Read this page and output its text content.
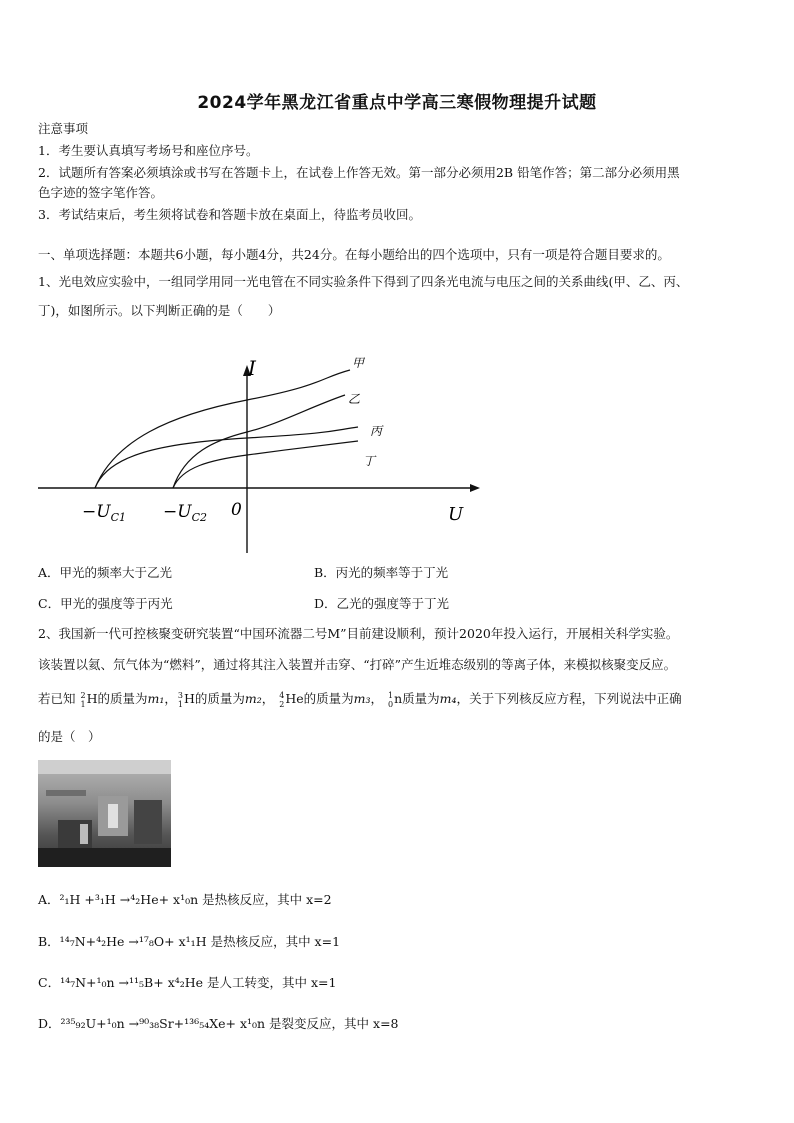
2024学年黑龙江省重点中学高三寒假物理提升试题
注意事项
1．考生要认真填写考场号和座位序号。
2．试题所有答案必须填涂或书写在答题卡上，在试卷上作答无效。第一部分必须用2B 铅笔作答；第二部分必须用黑
色字迹的签字笔作答。
3．考试结束后，考生须将试卷和答题卡放在桌面上，待监考员收回。
一、单项选择题：本题共6小题，每小题4分，共24分。在每小题给出的四个选项中，只有一项是符合题目要求的。
1、光电效应实验中，一组同学用同一光电管在不同实验条件下得到了四条光电流与电压之间的关系曲线(甲、乙、丙、
丁)，如图所示。以下判断正确的是（　　）
I
U
0
$-U_{C1} -U_{C2}$
甲
乙
丙
丁
A．甲光的频率大于乙光	B．丙光的频率等于丁光
C．甲光的强度等于丙光	D．乙光的强度等于丁光
2、我国新一代可控核聚变研究装置“中国环流器二号M”目前建设顺利，预计2020年投入运行，开展相关科学实验。
该装置以氦、氘气体为“燃料”，通过将其注入装置并击穿、“打碎”产生近堆态级别的等离子体，来模拟核聚变反应。
若已知 2
1 H的质量为m₁， 3
1 H的质量为m₂， 4
2 He的质量为m₃， 1
0 n质量为m₄，关于下列核反应方程，下列说法中正确
的是（　）
A．²₁H +³₁H →⁴₂He+ x¹₀n 是热核反应，其中 x=2
B．¹⁴₇N+⁴₂He →¹⁷₈O+ x¹₁H 是热核反应，其中 x=1
C．¹⁴₇N+¹₀n →¹¹₅B+ x⁴₂He 是人工转变，其中 x=1
D．²³⁵₉₂U+¹₀n →⁹⁰₃₈Sr+¹³⁶₅₄Xe+ x¹₀n 是裂变反应，其中 x=8
